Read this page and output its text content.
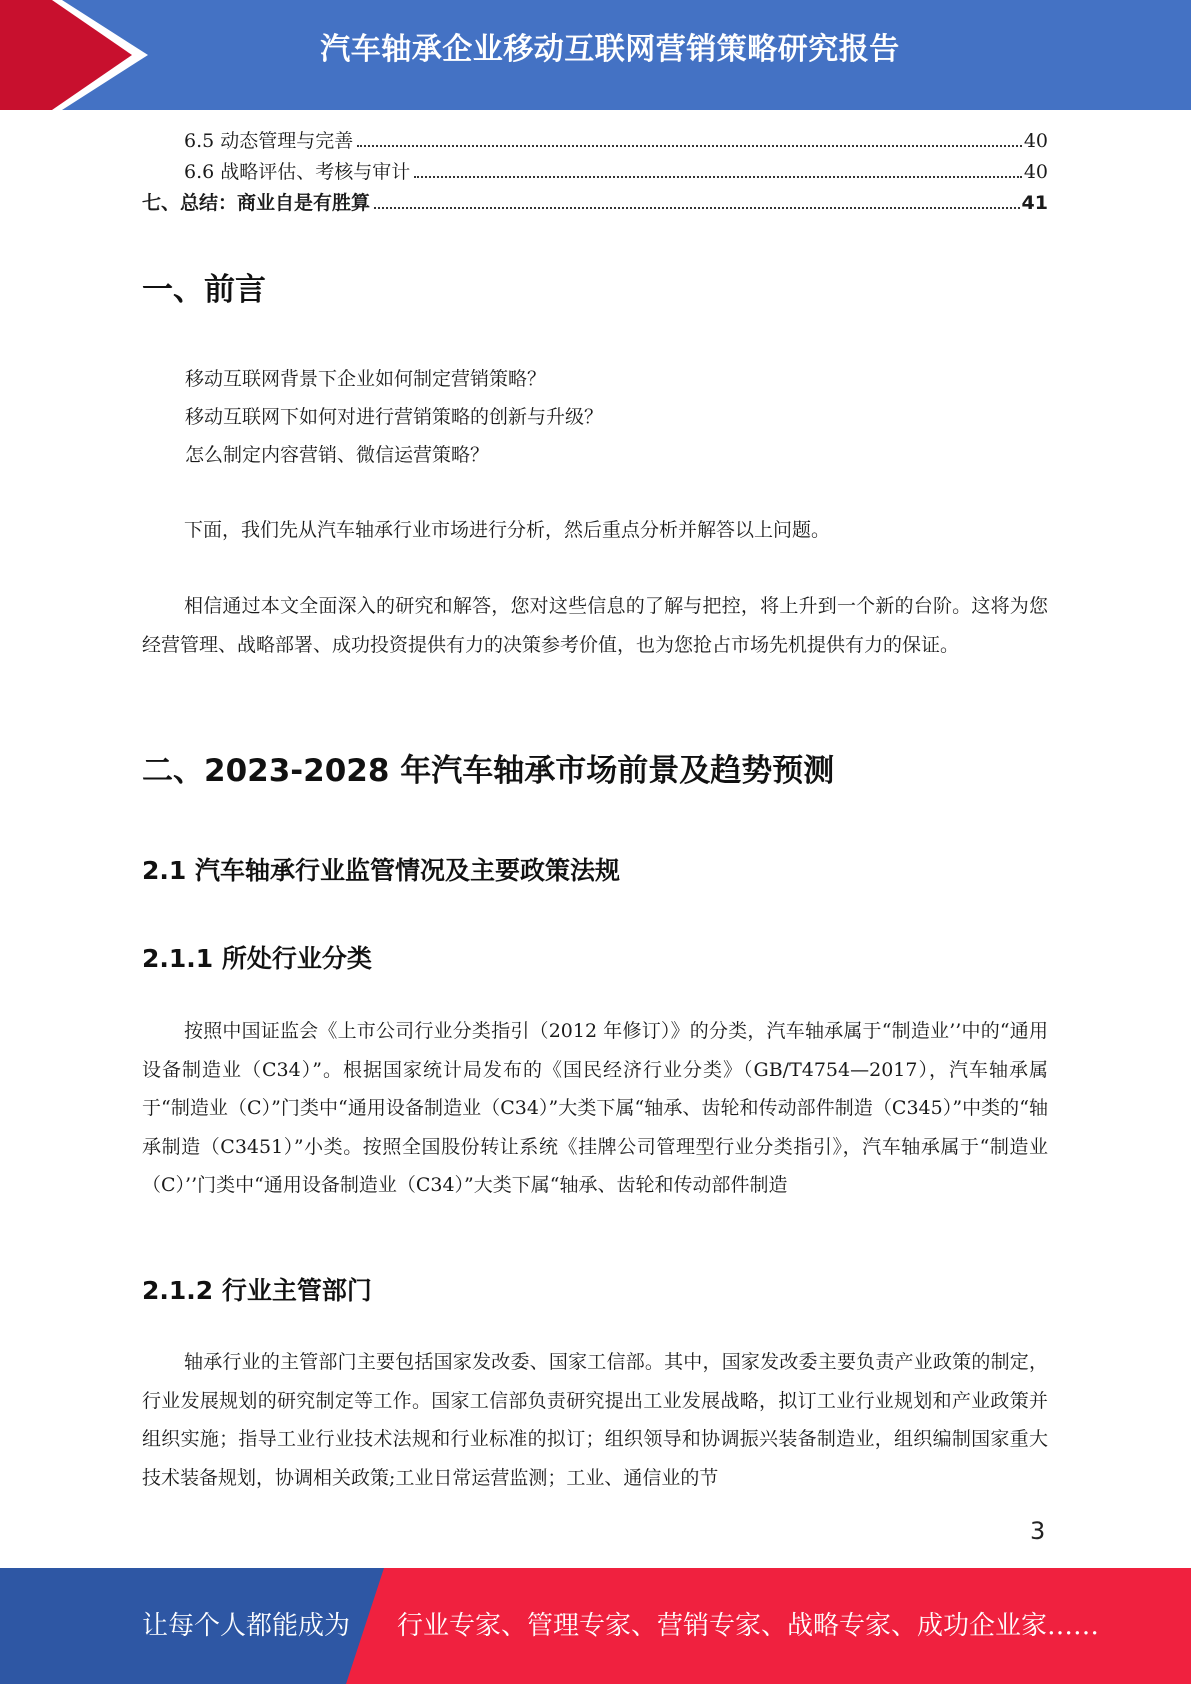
汽车轴承企业移动互联网营销策略研究报告
6.5 动态管理与完善	40
6.6 战略评估、考核与审计	40
七、总结：商业自是有胜算	41
一、前言
移动互联网背景下企业如何制定营销策略？
移动互联网下如何对进行营销策略的创新与升级？
怎么制定内容营销、微信运营策略？
下面，我们先从汽车轴承行业市场进行分析，然后重点分析并解答以上问题。
相信通过本文全面深入的研究和解答，您对这些信息的了解与把控，将上升到一个新的台阶。这将为您经营管理、战略部署、成功投资提供有力的决策参考价值，也为您抢占市场先机提供有力的保证。
二、2023-2028 年汽车轴承市场前景及趋势预测
2.1 汽车轴承行业监管情况及主要政策法规
2.1.1 所处行业分类
按照中国证监会《上市公司行业分类指引（2012 年修订）》的分类，汽车轴承属于“制造业’’中的“通用设备制造业（C34）”。根据国家统计局发布的《国民经济行业分类》（GB/T4754—2017），汽车轴承属于“制造业（C）”门类中“通用设备制造业（C34）”大类下属“轴承、齿轮和传动部件制造（C345）”中类的“轴承制造（C3451）”小类。按照全国股份转让系统《挂牌公司管理型行业分类指引》，汽车轴承属于“制造业（C）’’门类中“通用设备制造业（C34）”大类下属“轴承、齿轮和传动部件制造
2.1.2 行业主管部门
轴承行业的主管部门主要包括国家发改委、国家工信部。其中，国家发改委主要负责产业政策的制定，行业发展规划的研究制定等工作。国家工信部负责研究提出工业发展战略，拟订工业行业规划和产业政策并组织实施；指导工业行业技术法规和行业标准的拟订；组织领导和协调振兴装备制造业，组织编制国家重大技术装备规划，协调相关政策;工业日常运营监测；工业、通信业的节
3
让每个人都能成为 行业专家、管理专家、营销专家、战略专家、成功企业家……
